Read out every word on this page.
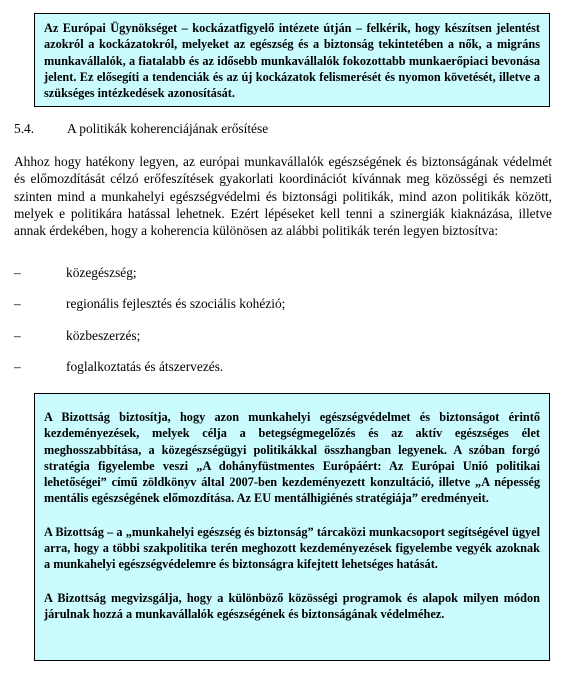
Az Európai Ügynökséget – kockázatfigyelő intézete útján – felkérik, hogy készítsen jelentést azokról a kockázatokról, melyeket az egészség és a biztonság tekintetében a nők, a migráns munkavállalók, a fiatalabb és az idősebb munkavállalók fokozottabb munkaerőpiaci bevonása jelent. Ez elősegíti a tendenciák és az új kockázatok felismerését és nyomon követését, illetve a szükséges intézkedések azonosítását.

5.4. A politikák koherenciájának erősítése

Ahhoz hogy hatékony legyen, az európai munkavállalók egészségének és biztonságának védelmét és előmozdítását célzó erőfeszítések gyakorlati koordinációt kívánnak meg közösségi és nemzeti szinten mind a munkahelyi egészségvédelmi és biztonsági politikák, mind azon politikák között, melyek e politikára hatással lehetnek. Ezért lépéseket kell tenni a szinergiák kiaknázása, illetve annak érdekében, hogy a koherencia különösen az alábbi politikák terén legyen biztosítva:

–	közegészség;
–	regionális fejlesztés és szociális kohézió;
–	közbeszerzés;
–	foglalkoztatás és átszervezés.

A Bizottság biztosítja, hogy azon munkahelyi egészségvédelmet és biztonságot érintő kezdeményezések, melyek célja a betegségmegelőzés és az aktív egészséges élet meghosszabbítása, a közegészségügyi politikákkal összhangban legyenek. A szóban forgó stratégia figyelembe veszi „A dohányfüstmentes Európáért: Az Európai Unió politikai lehetőségei” című zöldkönyv által 2007-ben kezdeményezett konzultáció, illetve „A népesség mentális egészségének előmozdítása. Az EU mentálhigiénés stratégiája” eredményeit.

A Bizottság – a „munkahelyi egészség és biztonság” tárcaközi munkacsoport segítségével ügyel arra, hogy a többi szakpolitika terén meghozott kezdeményezések figyelembe vegyék azoknak a munkahelyi egészségvédelemre és biztonságra kifejtett lehetséges hatását.

A Bizottság megvizsgálja, hogy a különböző közösségi programok és alapok milyen módon járulnak hozzá a munkavállalók egészségének és biztonságának védelméhez.
